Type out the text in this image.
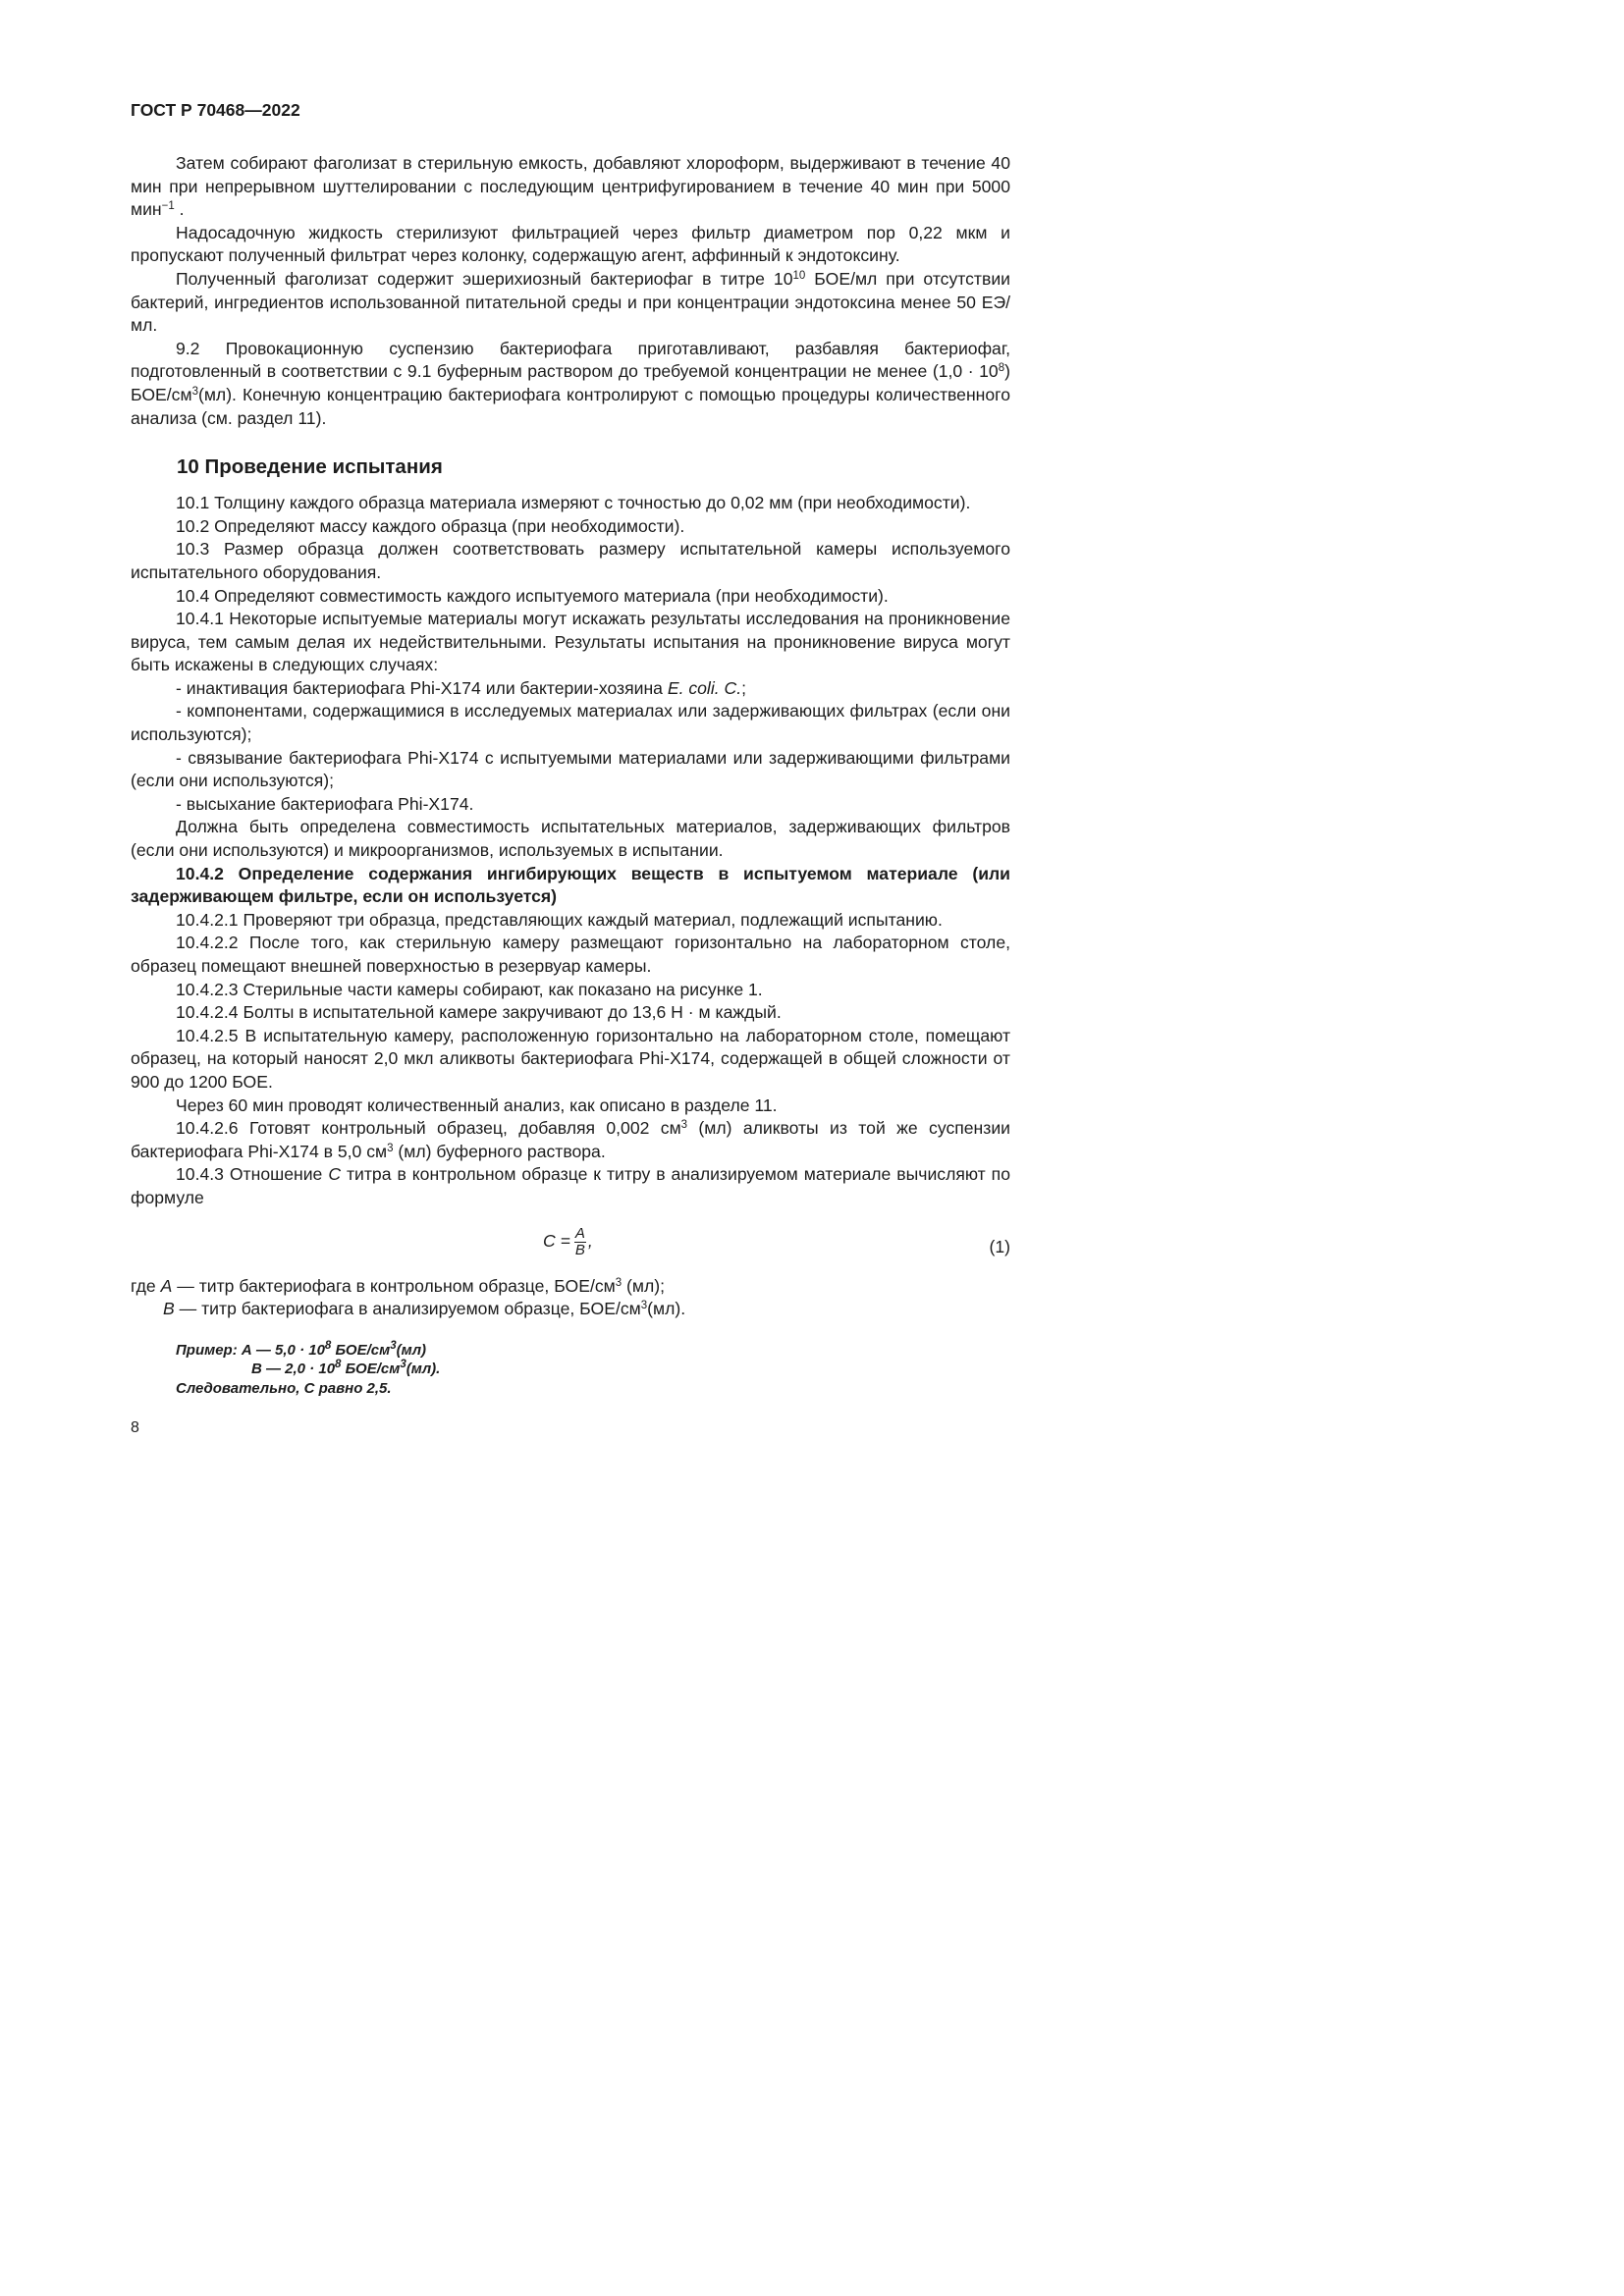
ГОСТ Р 70468—2022

Затем собирают фаголизат в стерильную емкость, добавляют хлороформ, выдерживают в течение 40 мин при непрерывном шуттелировании с последующим центрифугированием в течение 40 мин при 5000 мин$^{-1}$ .

Надосадочную жидкость стерилизуют фильтрацией через фильтр диаметром пор 0,22 мкм и пропускают полученный фильтрат через колонку, содержащую агент, аффинный к эндотоксину.

Полученный фаголизат содержит эшерихиозный бактериофаг в титре $10^{10}$ БОЕ/мл при отсутствии бактерий, ингредиентов использованной питательной среды и при концентрации эндотоксина менее 50 ЕЭ/мл.

9.2 Провокационную суспензию бактериофага приготавливают, разбавляя бактериофаг, подготовленный в соответствии с 9.1 буферным раствором до требуемой концентрации не менее $(1,0 \cdot 10^8)$ БОЕ/$см^3(мл)$. Конечную концентрацию бактериофага контролируют с помощью процедуры количественного анализа (см. раздел 11).

10 Проведение испытания

10.1 Толщину каждого образца материала измеряют с точностью до 0,02 мм (при необходимости).

10.2 Определяют массу каждого образца (при необходимости).

10.3 Размер образца должен соответствовать размеру испытательной камеры используемого испытательного оборудования.

10.4 Определяют совместимость каждого испытуемого материала (при необходимости).

10.4.1 Некоторые испытуемые материалы могут искажать результаты исследования на проникновение вируса, тем самым делая их недействительными. Результаты испытания на проникновение вируса могут быть искажены в следующих случаях:

- инактивация бактериофага Phi-X174 или бактерии-хозяина E. coli. C.;

- компонентами, содержащимися в исследуемых материалах или задерживающих фильтрах (если они используются);

- связывание бактериофага Phi-X174 с испытуемыми материалами или задерживающими фильтрами (если они используются);

- высыхание бактериофага Phi-X174.

Должна быть определена совместимость испытательных материалов, задерживающих фильтров (если они используются) и микроорганизмов, используемых в испытании.

10.4.2 Определение содержания ингибирующих веществ в испытуемом материале (или задерживающем фильтре, если он используется)

10.4.2.1 Проверяют три образца, представляющих каждый материал, подлежащий испытанию.

10.4.2.2 После того, как стерильную камеру размещают горизонтально на лабораторном столе, образец помещают внешней поверхностью в резервуар камеры.

10.4.2.3 Стерильные части камеры собирают, как показано на рисунке 1.

10.4.2.4 Болты в испытательной камере закручивают до 13,6 Н · м каждый.

10.4.2.5 В испытательную камеру, расположенную горизонтально на лабораторном столе, помещают образец, на который наносят 2,0 мкл аликвоты бактериофага Phi-X174, содержащей в общей сложности от 900 до 1200 БОЕ.

Через 60 мин проводят количественный анализ, как описано в разделе 11.

10.4.2.6 Готовят контрольный образец, добавляя 0,002 $см^3$ (мл) аликвоты из той же суспензии бактериофага Phi-X174 в 5,0 $см^3$ (мл) буферного раствора.

10.4.3 Отношение С титра в контрольном образце к титру в анализируемом материале вычисляют по формуле

$С = \frac{A}{B}$ ,	(1)

где А — титр бактериофага в контрольном образце, БОЕ/$см^3$ (мл);

В — титр бактериофага в анализируемом образце, БОЕ/$см^3(мл)$.

Пример: А — $5,0 \cdot 10^8$ БОЕ/$см^3(мл)$
В — $2,0 \cdot 10^8$ БОЕ/$см^3(мл)$.
Следовательно, С равно 2,5.
8
